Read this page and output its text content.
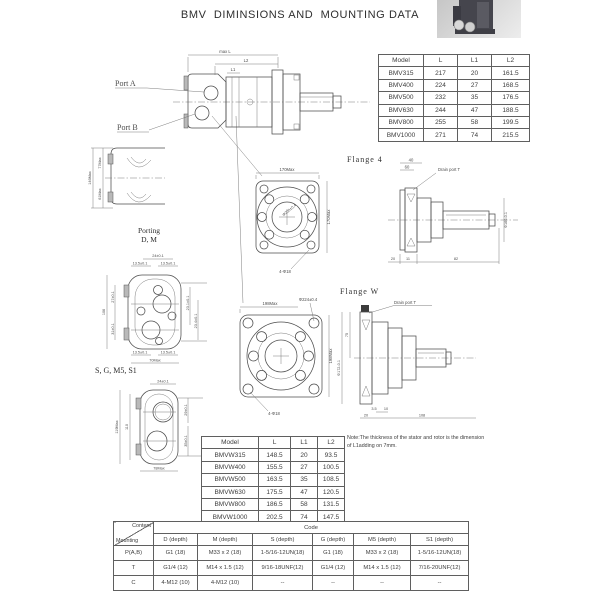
BMV  DIMINSIONS AND  MOUNTING DATA
max L
L2
L1
Port A
Port B
146Max
77Max
61Max
Porting
D, M
24±0.1
13.5±0.1	13.5±0.1
13.5±0.1	13.5±0.1
70Max
106
27±0.1
31±0.1
23.1±0.1
23.4±0.1
S, G, M5, S1
24±0.1
119Max 110
29±0.1
35±0.1
78Max
Flange 4
Φ200±0.4
170Max
170Max
4-Φ18
40
60	Drain port T
Φ160-0.1
20	11	82
Flange W
198Max
Φ224±0.4
198Max
4-Φ18
Drain port T
75
Φ172-0.1
3.5 10
20	108
Model	L	L1	L2
BMV315	217	20	161.5
BMV400	224	27	168.5
BMV500	232	35	176.5
BMV630	244	47	188.5
BMV800	255	58	199.5
BMV1000	271	74	215.5
Model	L	L1	L2
BMVW315	148.5	20	93.5
BMVW400	155.5	27	100.5
BMVW500	163.5	35	108.5
BMVW630	175.5	47	120.5
BMVW800	186.5	58	131.5
BMVW1000	202.5	74	147.5
Note:The thickness of the stator and rotor is the dimension
of L1adding on 7mm.
Content
Mounting	Code					
	D (depth)	M (depth)	S (depth)	G (depth)	M5 (depth)	S1 (depth)
P(A,B)	G1 (18)	M33 x 2 (18)	1-5/16-12UN(18)	G1 (18)	M33 x 2 (18)	1-5/16-12UN(18)
T	G1/4 (12)	M14 x 1.5 (12)	9/16-18UNF(12)	G1/4 (12)	M14 x 1.5 (12)	7/16-20UNF(12)
C	4-M12 (10)	4-M12 (10)	--	--	--	--
